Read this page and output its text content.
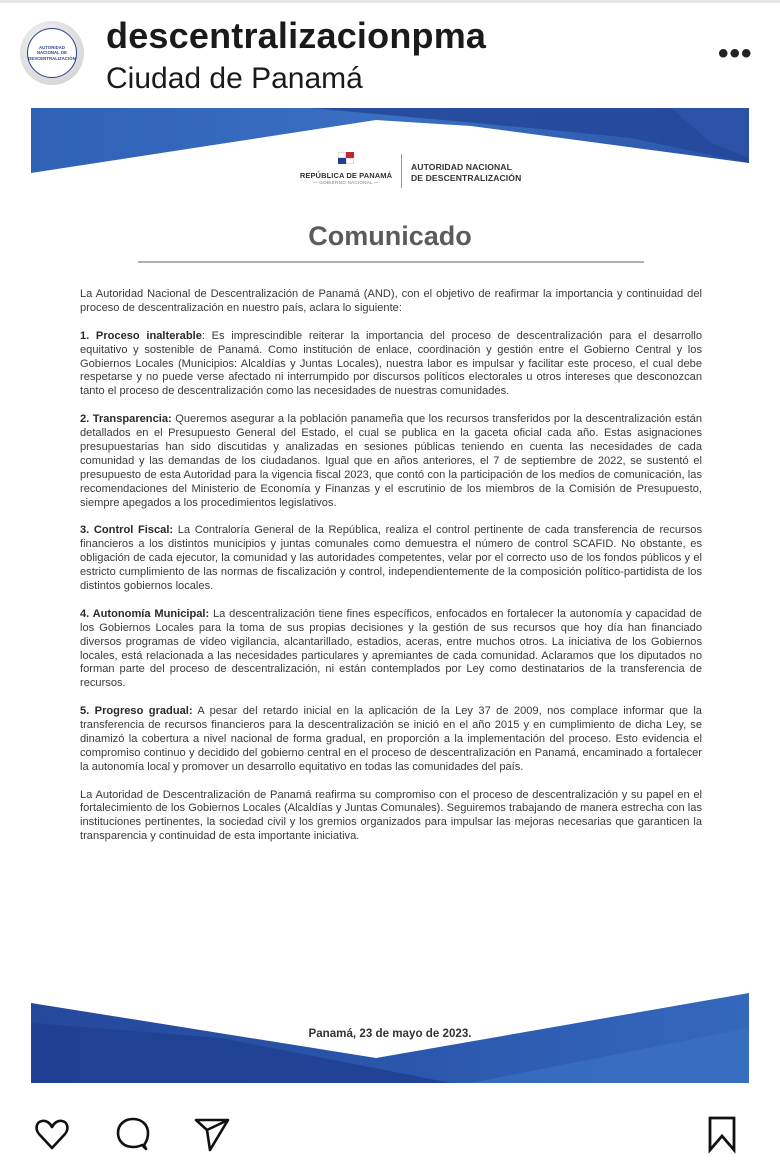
AUTORIDAD
NACIONAL DE
DESCENTRALIZACIÓN
descentralizacionpma
Ciudad de Panamá
•••
REPÚBLICA DE PANAMÁ
— GOBIERNO NACIONAL —
AUTORIDAD NACIONAL
DE DESCENTRALIZACIÓN
Comunicado

La Autoridad Nacional de Descentralización de Panamá (AND), con el objetivo de reafirmar la importancia y continuidad del proceso de descentralización en nuestro país, aclara lo siguiente:

1. Proceso inalterable: Es imprescindible reiterar la importancia del proceso de descentralización para el desarrollo equitativo y sostenible de Panamá. Como institución de enlace, coordinación y gestión entre el Gobierno Central y los Gobiernos Locales (Municipios: Alcaldías y Juntas Locales), nuestra labor es impulsar y facilitar este proceso, el cual debe respetarse y no puede verse afectado ni interrumpido por discursos políticos electorales u otros intereses que desconozcan tanto el proceso de descentralización como las necesidades de nuestras comunidades.

2. Transparencia: Queremos asegurar a la población panameña que los recursos transferidos por la descentralización están detallados en el Presupuesto General del Estado, el cual se publica en la gaceta oficial cada año. Estas asignaciones presupuestarias han sido discutidas y analizadas en sesiones públicas teniendo en cuenta las necesidades de cada comunidad y las demandas de los ciudadanos. Igual que en años anteriores, el 7 de septiembre de 2022, se sustentó el presupuesto de esta Autoridad para la vigencia fiscal 2023, que contó con la participación de los medios de comunicación, las recomendaciones del Ministerio de Economía y Finanzas y el escrutinio de los miembros de la Comisión de Presupuesto, siempre apegados a los procedimientos legislativos.

3. Control Fiscal: La Contraloría General de la República, realiza el control pertinente de cada transferencia de recursos financieros a los distintos municipios y juntas comunales como demuestra el número de control SCAFID. No obstante, es obligación de cada ejecutor, la comunidad y las autoridades competentes, velar por el correcto uso de los fondos públicos y el estricto cumplimiento de las normas de fiscalización y control, independientemente de la composición político-partidista de los distintos gobiernos locales.

4. Autonomía Municipal: La descentralización tiene fines específicos, enfocados en fortalecer la autonomía y capacidad de los Gobiernos Locales para la toma de sus propias decisiones y la gestión de sus recursos que hoy día han financiado diversos programas de video vigilancia, alcantarillado, estadios, aceras, entre muchos otros. La iniciativa de los Gobiernos locales, está relacionada a las necesidades particulares y apremiantes de cada comunidad. Aclaramos que los diputados no forman parte del proceso de descentralización, ni están contemplados por Ley como destinatarios de la transferencia de recursos.

5. Progreso gradual: A pesar del retardo inicial en la aplicación de la Ley 37 de 2009, nos complace informar que la transferencia de recursos financieros para la descentralización se inició en el año 2015 y en cumplimiento de dicha Ley, se dinamizó la cobertura a nivel nacional de forma gradual, en proporción a la implementación del proceso. Esto evidencia el compromiso continuo y decidido del gobierno central en el proceso de descentralización en Panamá, encaminado a fortalecer la autonomía local y promover un desarrollo equitativo en todas las comunidades del país.

La Autoridad de Descentralización de Panamá reafirma su compromiso con el proceso de descentralización y su papel en el fortalecimiento de los Gobiernos Locales (Alcaldías y Juntas Comunales). Seguiremos trabajando de manera estrecha con las instituciones pertinentes, la sociedad civil y los gremios organizados para impulsar las mejoras necesarias que garanticen la transparencia y continuidad de esta importante iniciativa.

Panamá, 23 de mayo de 2023.
